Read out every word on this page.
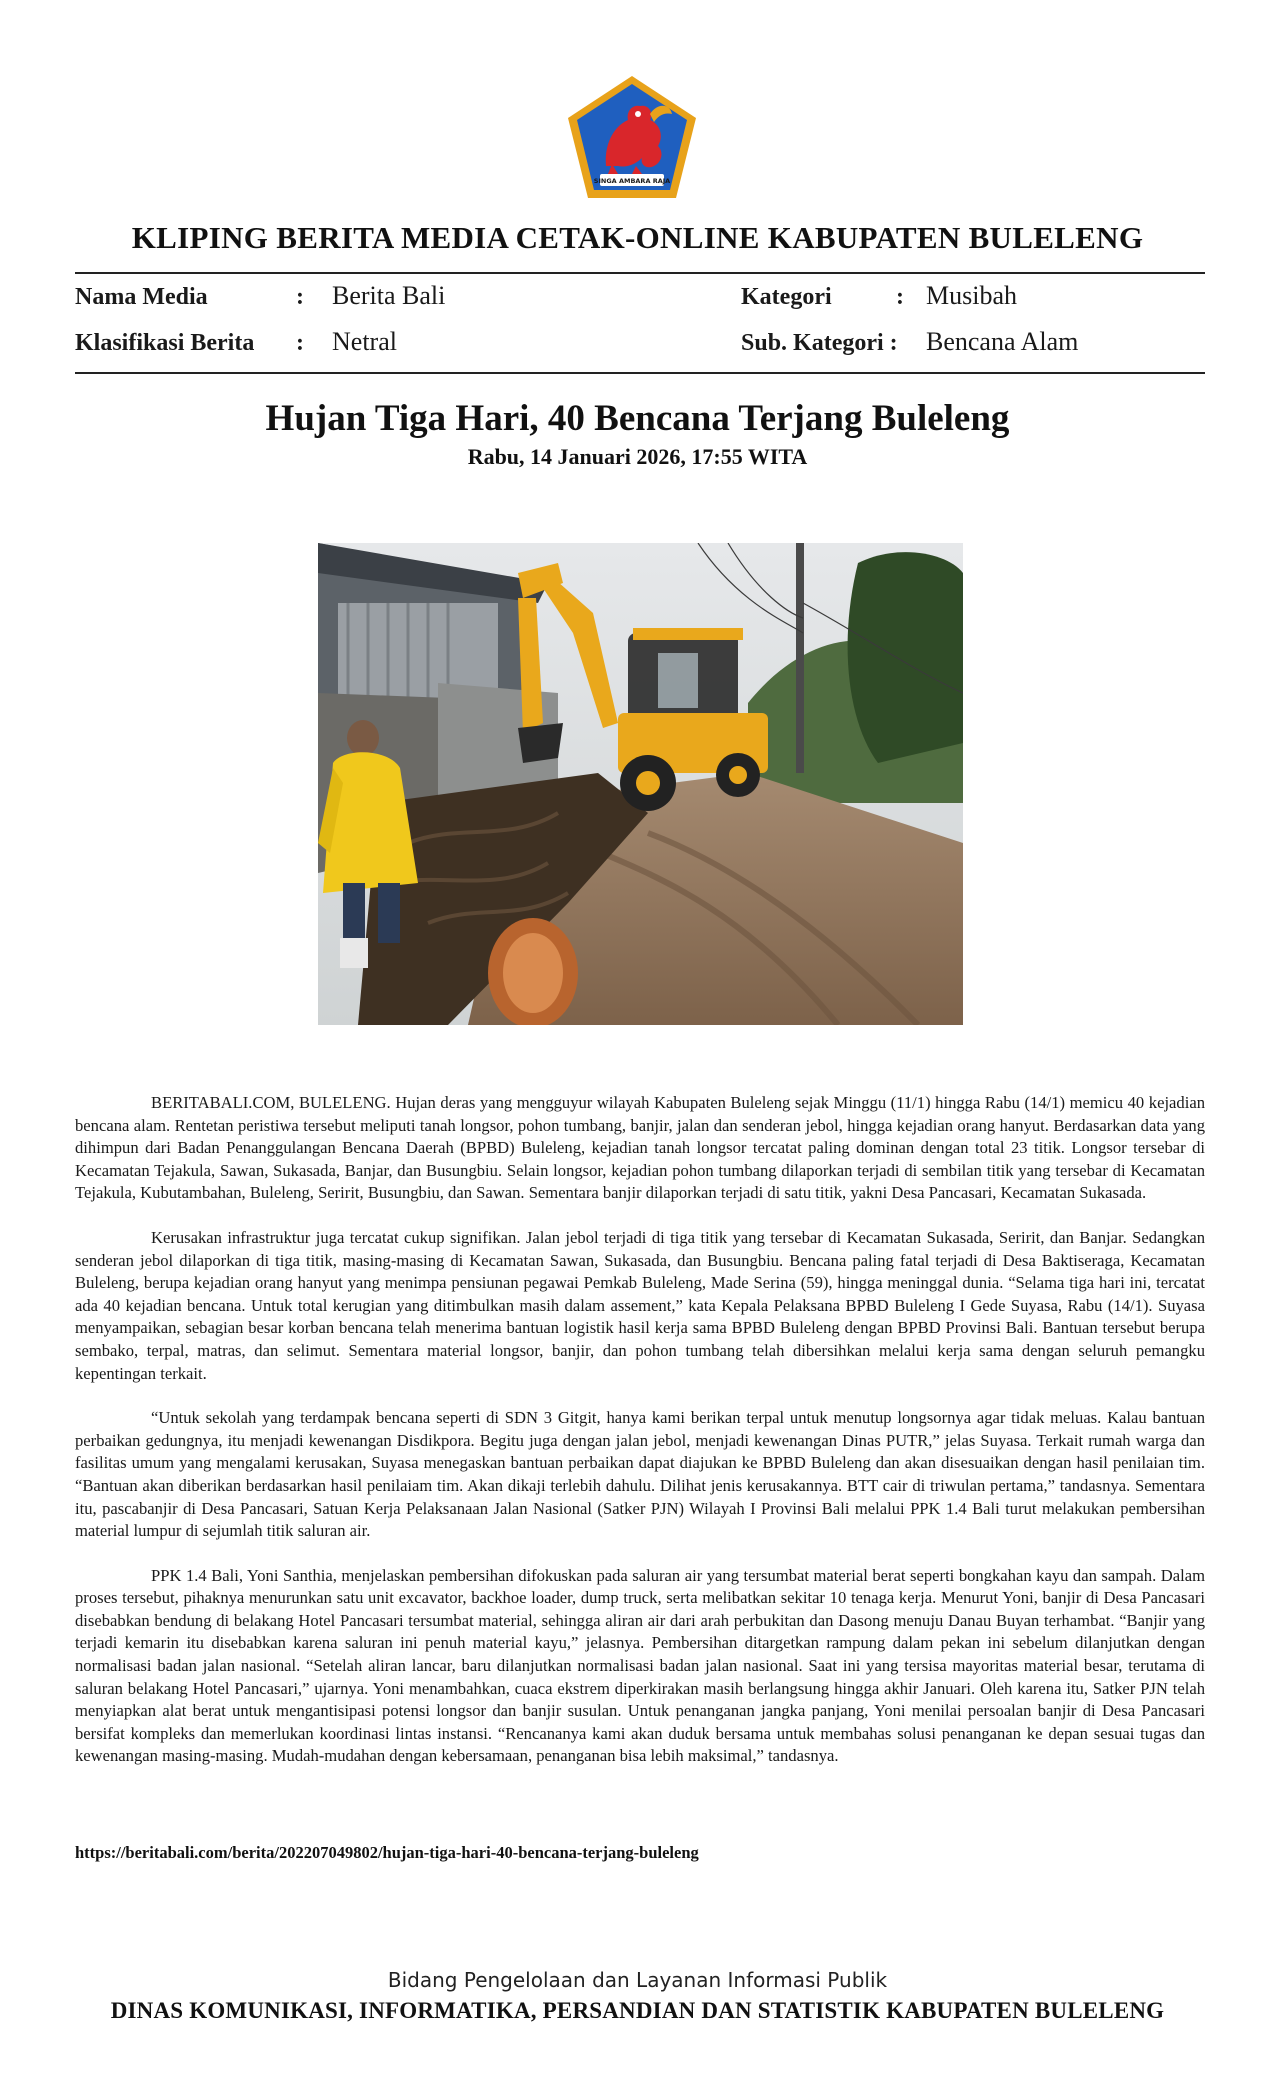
SINGA AMBARA RAJA
KLIPING BERITA MEDIA CETAK-ONLINE KABUPATEN BULELENG
Nama Media	: Berita Bali
Klasifikasi Berita : Netral
Kategori	: Musibah
Sub. Kategori : Bencana Alam
Hujan Tiga Hari, 40 Bencana Terjang Buleleng
Rabu, 14 Januari 2026, 17:55 WITA

BERITABALI.COM, BULELENG. Hujan deras yang mengguyur wilayah Kabupaten Buleleng sejak Minggu (11/1) hingga Rabu (14/1) memicu 40 kejadian bencana alam. Rentetan peristiwa tersebut meliputi tanah longsor, pohon tumbang, banjir, jalan dan senderan jebol, hingga kejadian orang hanyut. Berdasarkan data yang dihimpun dari Badan Penanggulangan Bencana Daerah (BPBD) Buleleng, kejadian tanah longsor tercatat paling dominan dengan total 23 titik. Longsor tersebar di Kecamatan Tejakula, Sawan, Sukasada, Banjar, dan Busungbiu. Selain longsor, kejadian pohon tumbang dilaporkan terjadi di sembilan titik yang tersebar di Kecamatan Tejakula, Kubutambahan, Buleleng, Seririt, Busungbiu, dan Sawan. Sementara banjir dilaporkan terjadi di satu titik, yakni Desa Pancasari, Kecamatan Sukasada.

Kerusakan infrastruktur juga tercatat cukup signifikan. Jalan jebol terjadi di tiga titik yang tersebar di Kecamatan Sukasada, Seririt, dan Banjar. Sedangkan senderan jebol dilaporkan di tiga titik, masing-masing di Kecamatan Sawan, Sukasada, dan Busungbiu. Bencana paling fatal terjadi di Desa Baktiseraga, Kecamatan Buleleng, berupa kejadian orang hanyut yang menimpa pensiunan pegawai Pemkab Buleleng, Made Serina (59), hingga meninggal dunia. “Selama tiga hari ini, tercatat ada 40 kejadian bencana. Untuk total kerugian yang ditimbulkan masih dalam assement,” kata Kepala Pelaksana BPBD Buleleng I Gede Suyasa, Rabu (14/1). Suyasa menyampaikan, sebagian besar korban bencana telah menerima bantuan logistik hasil kerja sama BPBD Buleleng dengan BPBD Provinsi Bali. Bantuan tersebut berupa sembako, terpal, matras, dan selimut. Sementara material longsor, banjir, dan pohon tumbang telah dibersihkan melalui kerja sama dengan seluruh pemangku kepentingan terkait.

“Untuk sekolah yang terdampak bencana seperti di SDN 3 Gitgit, hanya kami berikan terpal untuk menutup longsornya agar tidak meluas. Kalau bantuan perbaikan gedungnya, itu menjadi kewenangan Disdikpora. Begitu juga dengan jalan jebol, menjadi kewenangan Dinas PUTR,” jelas Suyasa. Terkait rumah warga dan fasilitas umum yang mengalami kerusakan, Suyasa menegaskan bantuan perbaikan dapat diajukan ke BPBD Buleleng dan akan disesuaikan dengan hasil penilaian tim. “Bantuan akan diberikan berdasarkan hasil penilaiam tim. Akan dikaji terlebih dahulu. Dilihat jenis kerusakannya. BTT cair di triwulan pertama,” tandasnya. Sementara itu, pascabanjir di Desa Pancasari, Satuan Kerja Pelaksanaan Jalan Nasional (Satker PJN) Wilayah I Provinsi Bali melalui PPK 1.4 Bali turut melakukan pembersihan material lumpur di sejumlah titik saluran air.

PPK 1.4 Bali, Yoni Santhia, menjelaskan pembersihan difokuskan pada saluran air yang tersumbat material berat seperti bongkahan kayu dan sampah. Dalam proses tersebut, pihaknya menurunkan satu unit excavator, backhoe loader, dump truck, serta melibatkan sekitar 10 tenaga kerja. Menurut Yoni, banjir di Desa Pancasari disebabkan bendung di belakang Hotel Pancasari tersumbat material, sehingga aliran air dari arah perbukitan dan Dasong menuju Danau Buyan terhambat. “Banjir yang terjadi kemarin itu disebabkan karena saluran ini penuh material kayu,” jelasnya. Pembersihan ditargetkan rampung dalam pekan ini sebelum dilanjutkan dengan normalisasi badan jalan nasional. “Setelah aliran lancar, baru dilanjutkan normalisasi badan jalan nasional. Saat ini yang tersisa mayoritas material besar, terutama di saluran belakang Hotel Pancasari,” ujarnya. Yoni menambahkan, cuaca ekstrem diperkirakan masih berlangsung hingga akhir Januari. Oleh karena itu, Satker PJN telah menyiapkan alat berat untuk mengantisipasi potensi longsor dan banjir susulan. Untuk penanganan jangka panjang, Yoni menilai persoalan banjir di Desa Pancasari bersifat kompleks dan memerlukan koordinasi lintas instansi. “Rencananya kami akan duduk bersama untuk membahas solusi penanganan ke depan sesuai tugas dan kewenangan masing-masing. Mudah-mudahan dengan kebersamaan, penanganan bisa lebih maksimal,” tandasnya.

https://beritabali.com/berita/202207049802/hujan-tiga-hari-40-bencana-terjang-buleleng
Bidang Pengelolaan dan Layanan Informasi Publik
DINAS KOMUNIKASI, INFORMATIKA, PERSANDIAN DAN STATISTIK KABUPATEN BULELENG
